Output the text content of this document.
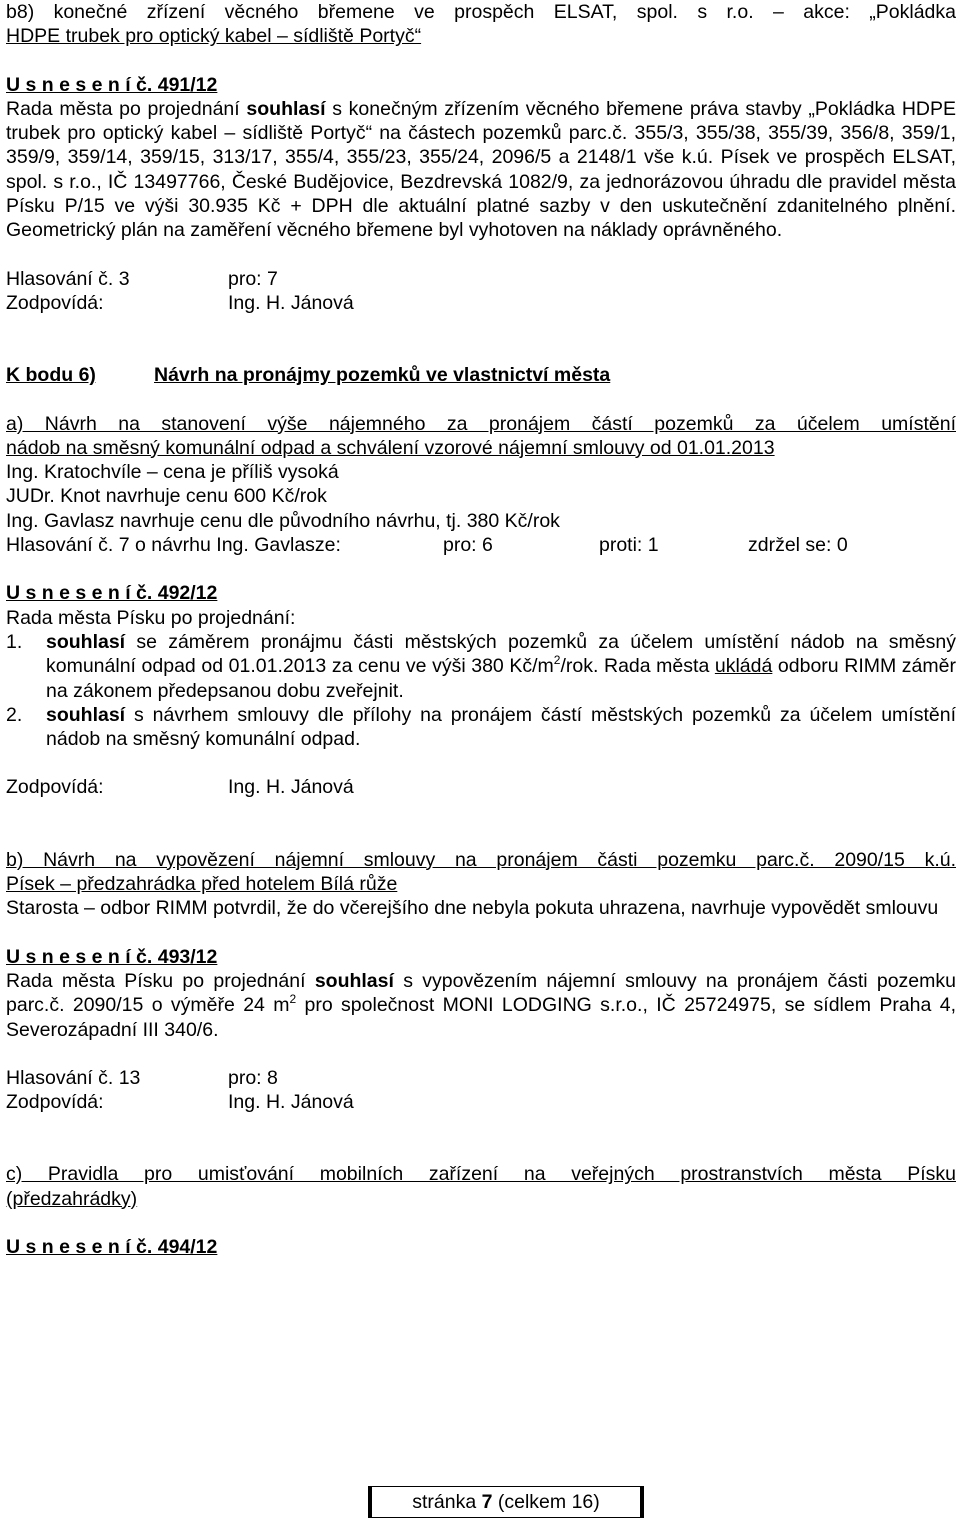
b8) konečné zřízení věcného břemene ve prospěch ELSAT, spol. s r.o. – akce: „Pokládka

HDPE trubek pro optický kabel – sídliště Portyč“

U s n e s e n í č. 491/12

Rada města po projednání souhlasí s konečným zřízením věcného břemene práva stavby „Pokládka HDPE trubek pro optický kabel – sídliště Portyč“ na částech pozemků parc.č. 355/3, 355/38, 355/39, 356/8, 359/1, 359/9, 359/14, 359/15, 313/17, 355/4, 355/23, 355/24, 2096/5 a 2148/1 vše k.ú. Písek ve prospěch ELSAT, spol. s r.o., IČ 13497766, České Budějovice, Bezdrevská 1082/9, za jednorázovou úhradu dle pravidel města Písku P/15 ve výši 30.935 Kč + DPH dle aktuální platné sazby v den uskutečnění zdanitelného plnění. Geometrický plán na zaměření věcného břemene byl vyhotoven na náklady oprávněného.

Hlasování č. 3	pro: 7
Zodpovídá:	Ing. H. Jánová
K bodu 6)	Návrh na pronájmy pozemků ve vlastnictví města

a) Návrh na stanovení výše nájemného za pronájem částí pozemků za účelem umístění

nádob na směsný komunální odpad a schválení vzorové nájemní smlouvy od 01.01.2013

Ing. Kratochvíle – cena je příliš vysoká

JUDr. Knot navrhuje cenu 600 Kč/rok

Ing. Gavlasz navrhuje cenu dle původního návrhu, tj. 380 Kč/rok

Hlasování č. 7 o návrhu Ing. Gavlasze:	pro: 6	proti: 1	zdržel se: 0

U s n e s e n í č. 492/12

Rada města Písku po projednání:

1. souhlasí se záměrem pronájmu části městských pozemků za účelem umístění nádob na směsný komunální odpad od 01.01.2013 za cenu ve výši 380 $Kč/m^2$/rok. Rada města ukládá odboru RIMM záměr na zákonem předepsanou dobu zveřejnit.
2. souhlasí s návrhem smlouvy dle přílohy na pronájem částí městských pozemků za účelem umístění nádob na směsný komunální odpad.
Zodpovídá:	Ing. H. Jánová

b) Návrh na vypovězení nájemní smlouvy na pronájem části pozemku parc.č. 2090/15 k.ú.

Písek – předzahrádka před hotelem Bílá růže

Starosta – odbor RIMM potvrdil, že do včerejšího dne nebyla pokuta uhrazena, navrhuje vypovědět smlouvu

U s n e s e n í č. 493/12

Rada města Písku po projednání souhlasí s vypovězením nájemní smlouvy na pronájem části pozemku parc.č. 2090/15 o výměře 24 $m^2$ pro společnost MONI LODGING s.r.o., IČ 25724975, se sídlem Praha 4, Severozápadní III 340/6.

Hlasování č. 13	pro: 8
Zodpovídá:	Ing. H. Jánová

c) Pravidla pro umisťování mobilních zařízení na veřejných prostranstvích města Písku

(předzahrádky)

U s n e s e n í č. 494/12

stránka 7 (celkem 16)
